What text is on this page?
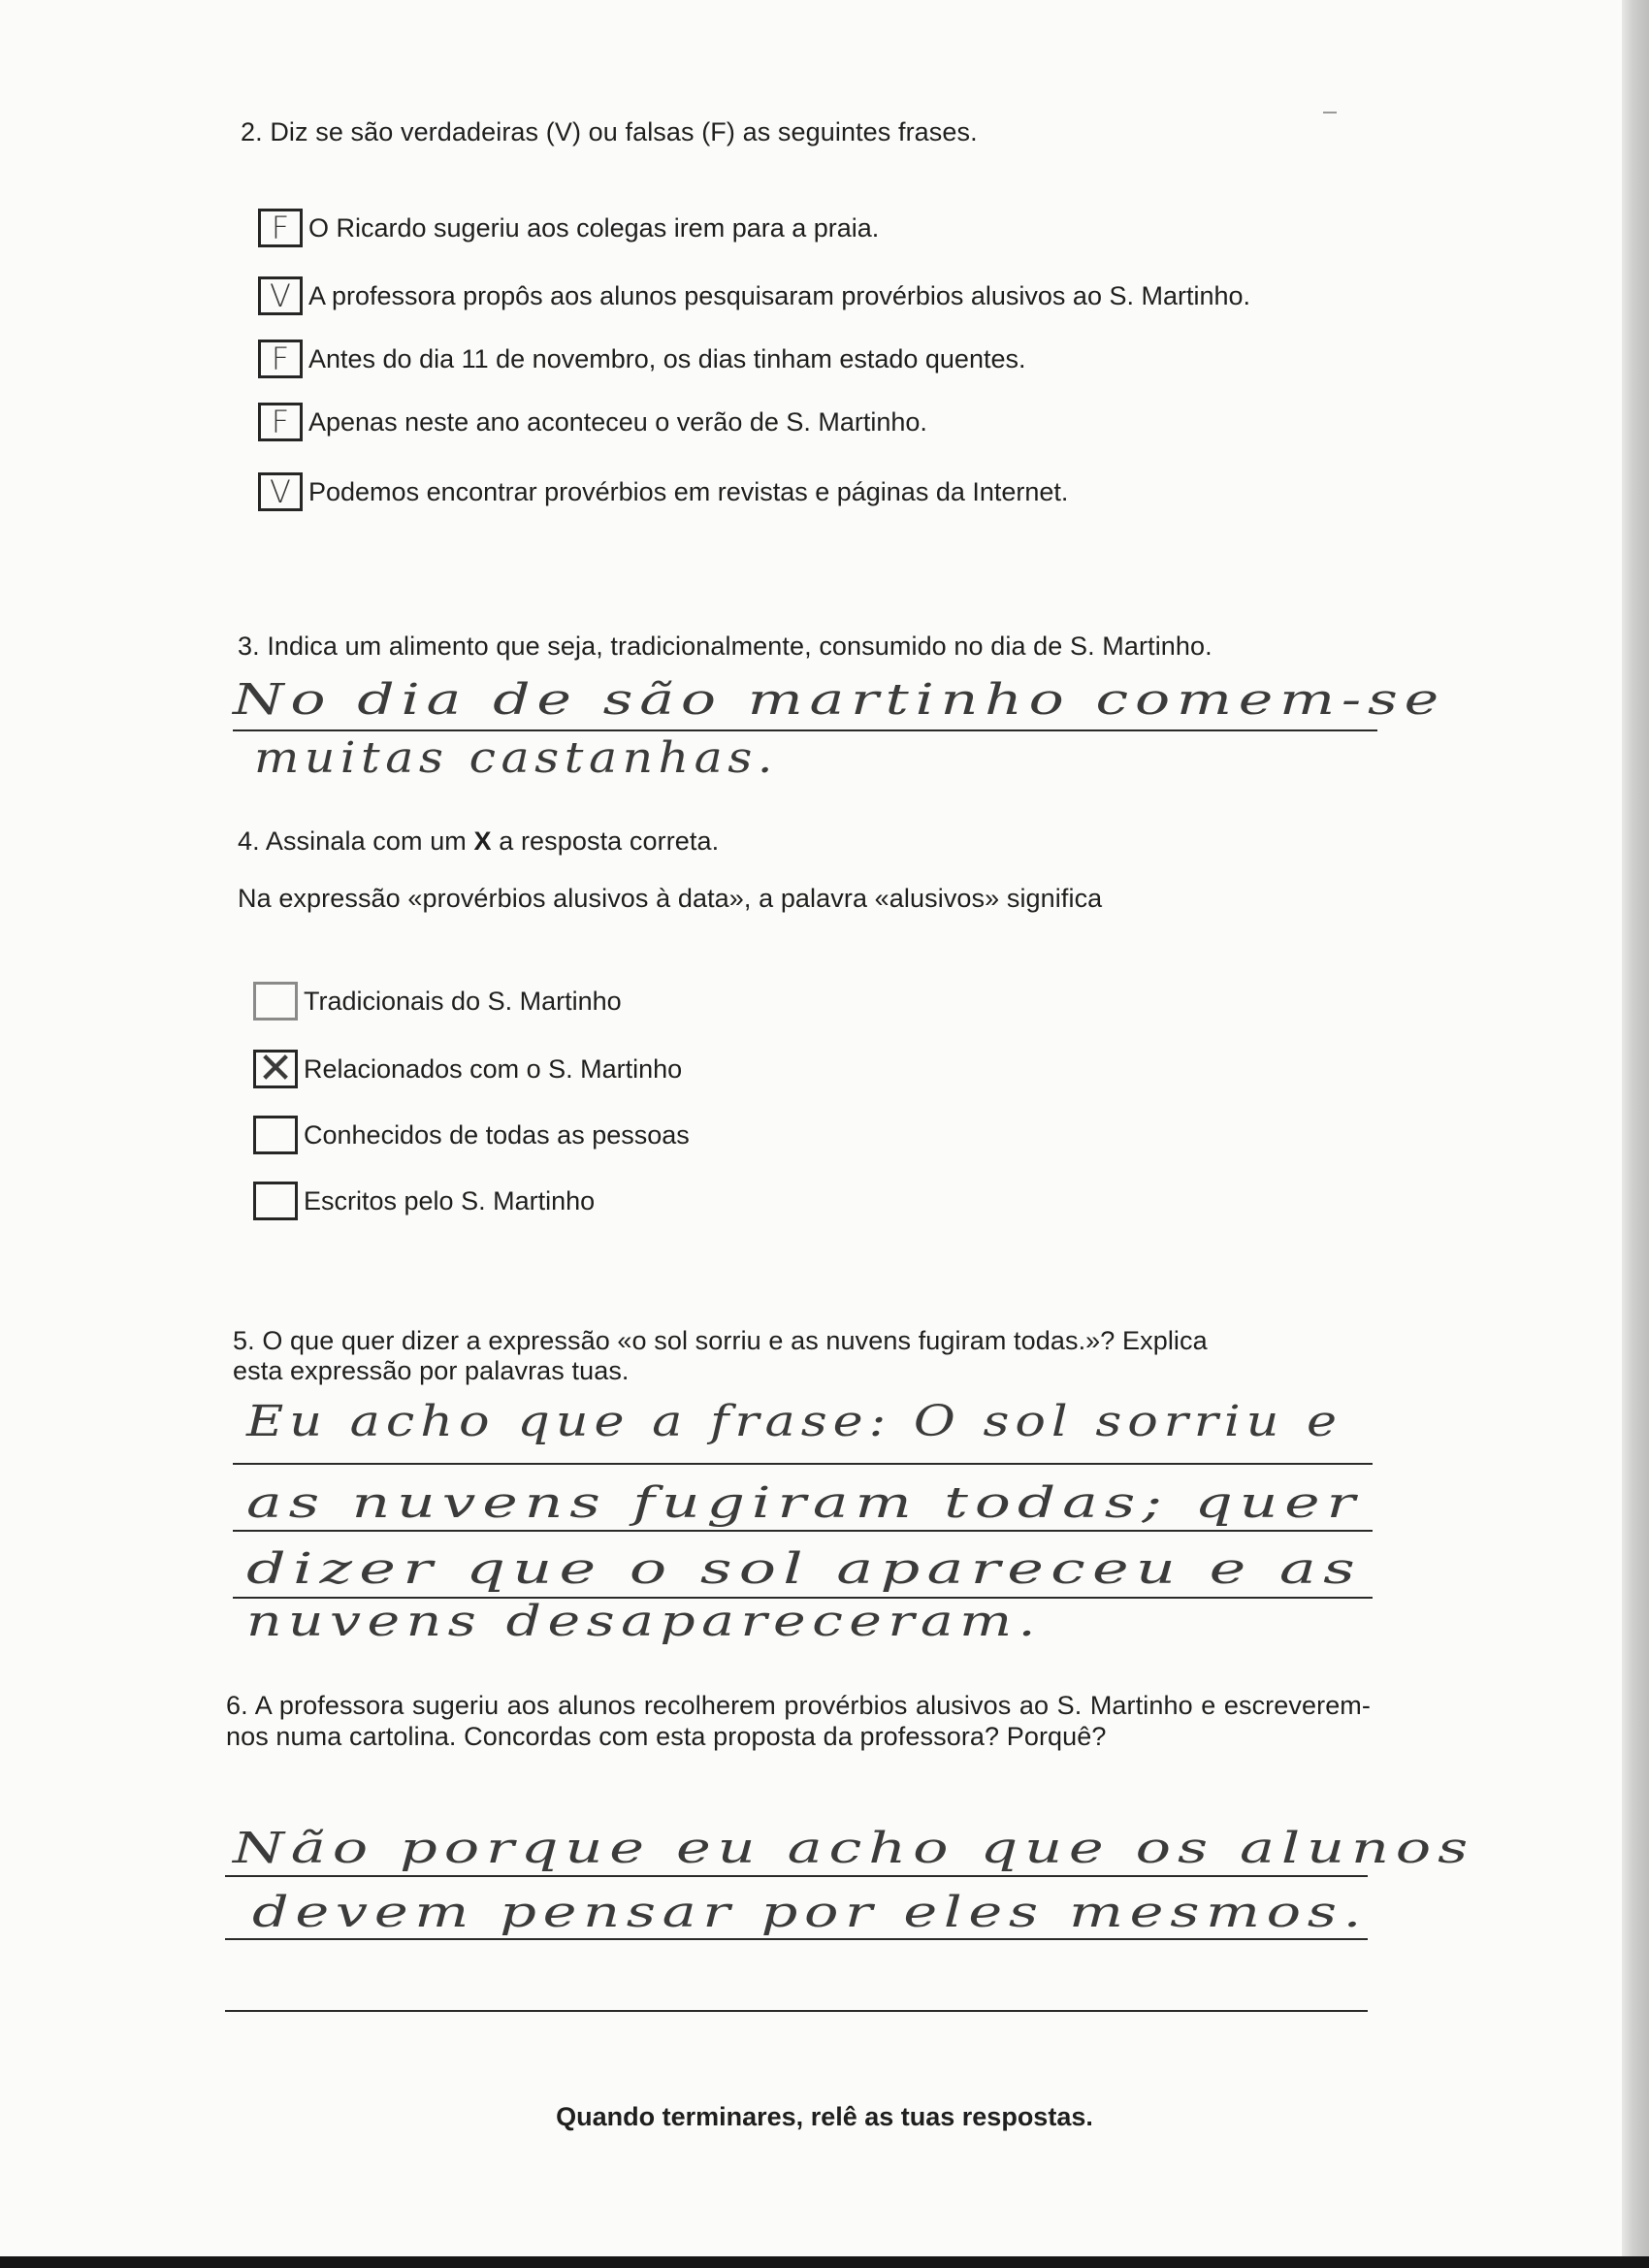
2. Diz se são verdadeiras (V) ou falsas (F) as seguintes frases.
F O Ricardo sugeriu aos colegas irem para a praia.
V A professora propôs aos alunos pesquisaram provérbios alusivos ao S. Martinho.
F Antes do dia 11 de novembro, os dias tinham estado quentes.
F Apenas neste ano aconteceu o verão de S. Martinho.
V Podemos encontrar provérbios em revistas e páginas da Internet.
3. Indica um alimento que seja, tradicionalmente, consumido no dia de S. Martinho.
No dia de são martinho comem-se
muitas castanhas.
4. Assinala com um X a resposta correta.
Na expressão «provérbios alusivos à data», a palavra «alusivos» significa
Tradicionais do S. Martinho
✕ Relacionados com o S. Martinho
Conhecidos de todas as pessoas
Escritos pelo S. Martinho
5. O que quer dizer a expressão «o sol sorriu e as nuvens fugiram todas.»? Explica
esta expressão por palavras tuas.
Eu acho que a frase: O sol sorriu e
as nuvens fugiram todas; quer
dizer que o sol apareceu e as
nuvens desapareceram.
6. A professora sugeriu aos alunos recolherem provérbios alusivos ao S. Martinho e escreverem-nos numa cartolina. Concordas com esta proposta da professora? Porquê?
Não porque eu acho que os alunos
devem pensar por eles mesmos.
Quando terminares, relê as tuas respostas.
